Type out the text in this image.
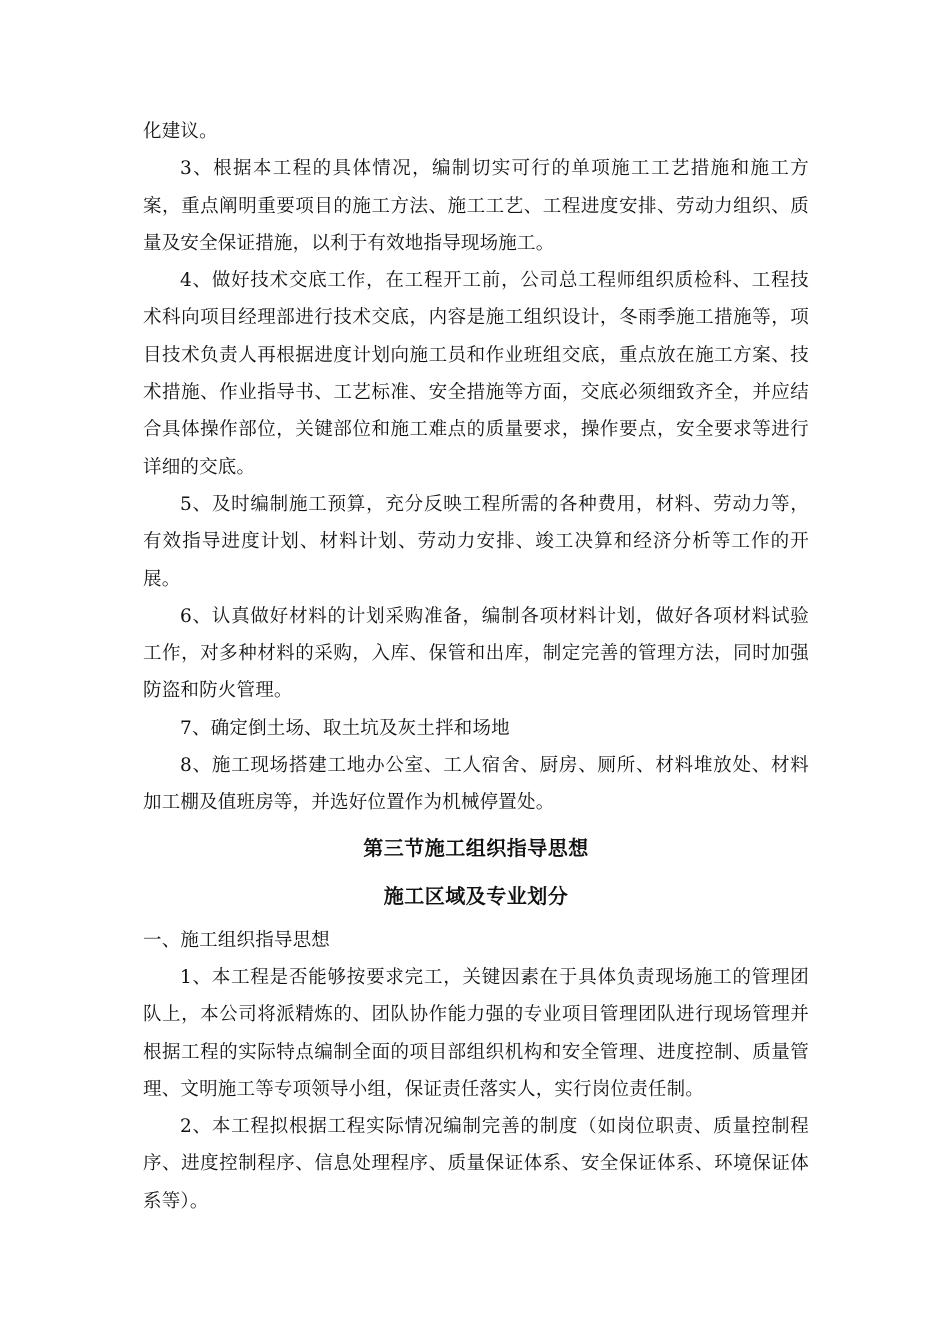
化建议。

3、根据本工程的具体情况，编制切实可行的单项施工工艺措施和施工方案，重点阐明重要项目的施工方法、施工工艺、工程进度安排、劳动力组织、质量及安全保证措施，以利于有效地指导现场施工。

4、做好技术交底工作，在工程开工前，公司总工程师组织质检科、工程技术科向项目经理部进行技术交底，内容是施工组织设计，冬雨季施工措施等，项目技术负责人再根据进度计划向施工员和作业班组交底，重点放在施工方案、技术措施、作业指导书、工艺标准、安全措施等方面，交底必须细致齐全，并应结合具体操作部位，关键部位和施工难点的质量要求，操作要点，安全要求等进行详细的交底。

5、及时编制施工预算，充分反映工程所需的各种费用，材料、劳动力等，有效指导进度计划、材料计划、劳动力安排、竣工决算和经济分析等工作的开展。

6、认真做好材料的计划采购准备，编制各项材料计划，做好各项材料试验工作，对多种材料的采购，入库、保管和出库，制定完善的管理方法，同时加强防盗和防火管理。

7、确定倒土场、取土坑及灰土拌和场地

8、施工现场搭建工地办公室、工人宿舍、厨房、厕所、材料堆放处、材料加工棚及值班房等，并选好位置作为机械停置处。

第三节施工组织指导思想
施工区域及专业划分

一、施工组织指导思想

1、本工程是否能够按要求完工，关键因素在于具体负责现场施工的管理团队上，本公司将派精炼的、团队协作能力强的专业项目管理团队进行现场管理并根据工程的实际特点编制全面的项目部组织机构和安全管理、进度控制、质量管理、文明施工等专项领导小组，保证责任落实人，实行岗位责任制。

2、本工程拟根据工程实际情况编制完善的制度（如岗位职责、质量控制程序、进度控制程序、信息处理程序、质量保证体系、安全保证体系、环境保证体系等）。
